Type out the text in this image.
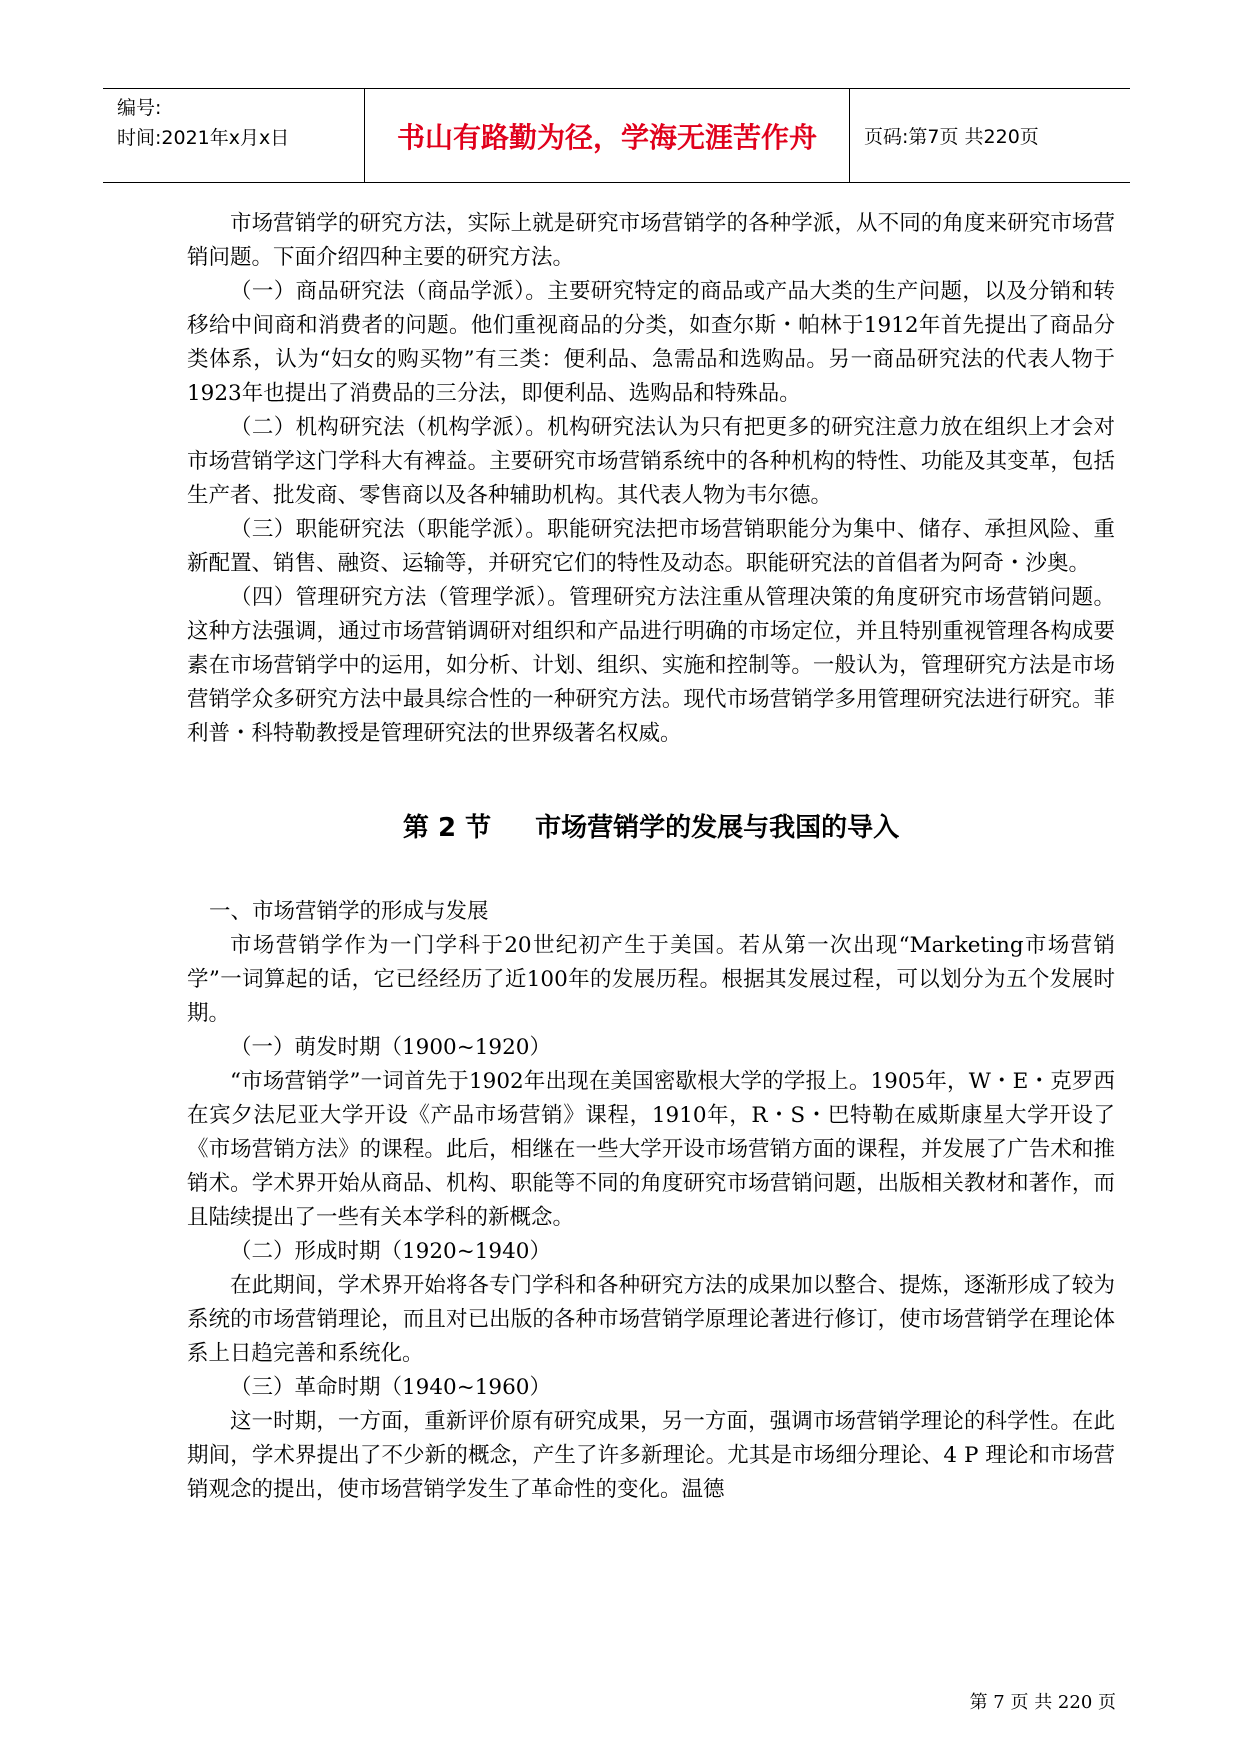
编号:
时间:2021年x月x日	书山有路勤为径，学海无涯苦作舟 页码:第7页 共220页

市场营销学的研究方法，实际上就是研究市场营销学的各种学派，从不同的角度来研究市场营销问题。下面介绍四种主要的研究方法。

（一）商品研究法（商品学派）。主要研究特定的商品或产品大类的生产问题，以及分销和转移给中间商和消费者的问题。他们重视商品的分类，如查尔斯・帕林于1912年首先提出了商品分类体系，认为“妇女的购买物”有三类：便利品、急需品和选购品。另一商品研究法的代表人物于1923年也提出了消费品的三分法，即便利品、选购品和特殊品。

（二）机构研究法（机构学派）。机构研究法认为只有把更多的研究注意力放在组织上才会对市场营销学这门学科大有裨益。主要研究市场营销系统中的各种机构的特性、功能及其变革，包括生产者、批发商、零售商以及各种辅助机构。其代表人物为韦尔德。

（三）职能研究法（职能学派）。职能研究法把市场营销职能分为集中、储存、承担风险、重新配置、销售、融资、运输等，并研究它们的特性及动态。职能研究法的首倡者为阿奇・沙奥。

（四）管理研究方法（管理学派）。管理研究方法注重从管理决策的角度研究市场营销问题。这种方法强调，通过市场营销调研对组织和产品进行明确的市场定位，并且特别重视管理各构成要素在市场营销学中的运用，如分析、计划、组织、实施和控制等。一般认为，管理研究方法是市场营销学众多研究方法中最具综合性的一种研究方法。现代市场营销学多用管理研究法进行研究。菲利普・科特勒教授是管理研究法的世界级著名权威。

第 2 节 市场营销学的发展与我国的导入

一、市场营销学的形成与发展

市场营销学作为一门学科于20世纪初产生于美国。若从第一次出现“Marketing市场营销学”一词算起的话，它已经经历了近100年的发展历程。根据其发展过程，可以划分为五个发展时期。

（一）萌发时期（1900~1920）

“市场营销学”一词首先于1902年出现在美国密歇根大学的学报上。1905年，W・E・克罗西在宾夕法尼亚大学开设《产品市场营销》课程，1910年，R・S・巴特勒在威斯康星大学开设了《市场营销方法》的课程。此后，相继在一些大学开设市场营销方面的课程，并发展了广告术和推销术。学术界开始从商品、机构、职能等不同的角度研究市场营销问题，出版相关教材和著作，而且陆续提出了一些有关本学科的新概念。

（二）形成时期（1920~1940）

在此期间，学术界开始将各专门学科和各种研究方法的成果加以整合、提炼，逐渐形成了较为系统的市场营销理论，而且对已出版的各种市场营销学原理论著进行修订，使市场营销学在理论体系上日趋完善和系统化。

（三）革命时期（1940~1960）

这一时期，一方面，重新评价原有研究成果，另一方面，强调市场营销学理论的科学性。在此期间，学术界提出了不少新的概念，产生了许多新理论。尤其是市场细分理论、4 P 理论和市场营销观念的提出，使市场营销学发生了革命性的变化。温德

第 7 页 共 220 页
